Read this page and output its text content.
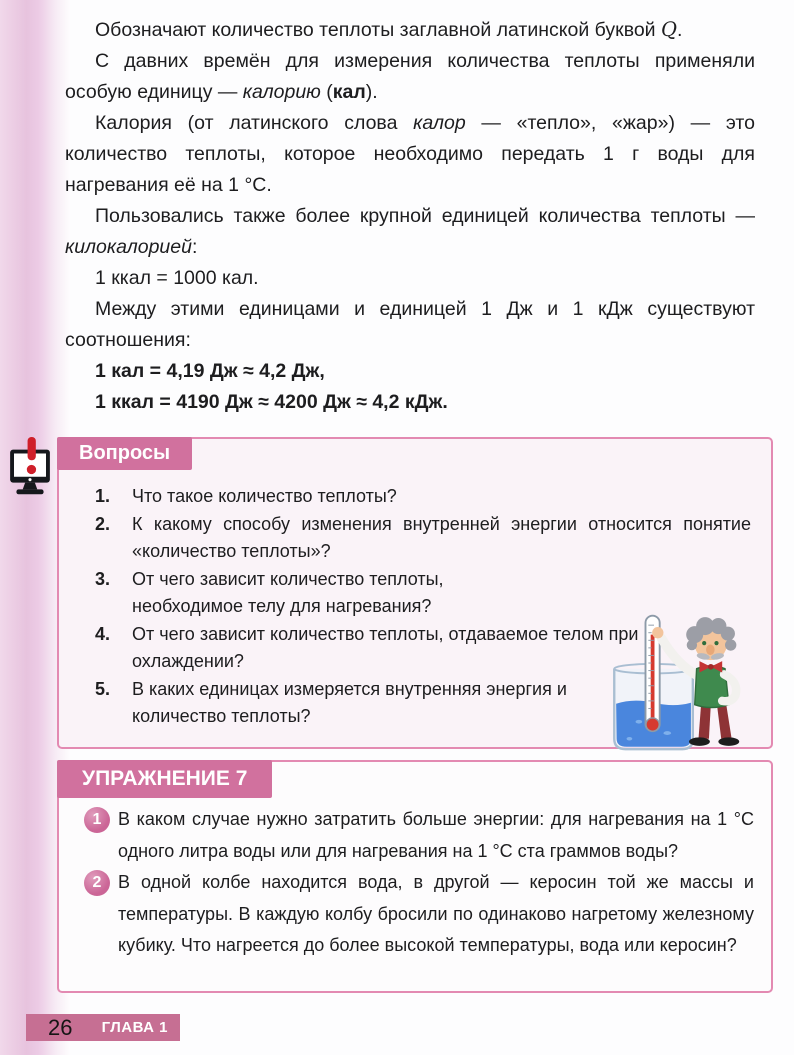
Обозначают количество теплоты заглавной латинской буквой Q.

С давних времён для измерения количества теплоты применяли особую единицу — калорию (кал).

Калория (от латинского слова калор — «тепло», «жар») — это количество теплоты, которое необходимо передать 1 г воды для нагревания её на 1 °С.

Пользовались также более крупной единицей количества теплоты — килокалорией:

1 ккал = 1000 кал.

Между этими единицами и единицей 1 Дж и 1 кДж существуют соотношения:

1 кал = 4,19 Дж ≈ 4,2 Дж,

1 ккал = 4190 Дж ≈ 4200 Дж ≈ 4,2 кДж.

Вопросы
1.	Что такое количество теплоты?
2.	К какому способу изменения внутренней энергии относится понятие «количество теплоты»?
3.	От чего зависит количество теплоты, необходимое телу для нагревания?
4.	От чего зависит количество теплоты, отдаваемое телом при охлаждении?
5.	В каких единицах измеряется внутренняя энергия и количество теплоты?
УПРАЖНЕНИЕ 7
1 В каком случае нужно затратить больше энергии: для нагревания на 1 °С одного литра воды или для нагревания на 1 °С ста граммов воды?
2 В одной колбе находится вода, в другой — керосин той же массы и температуры. В каждую колбу бросили по одинаково нагретому железному кубику. Что нагреется до более высокой температуры, вода или керосин?
26 ГЛАВА 1
